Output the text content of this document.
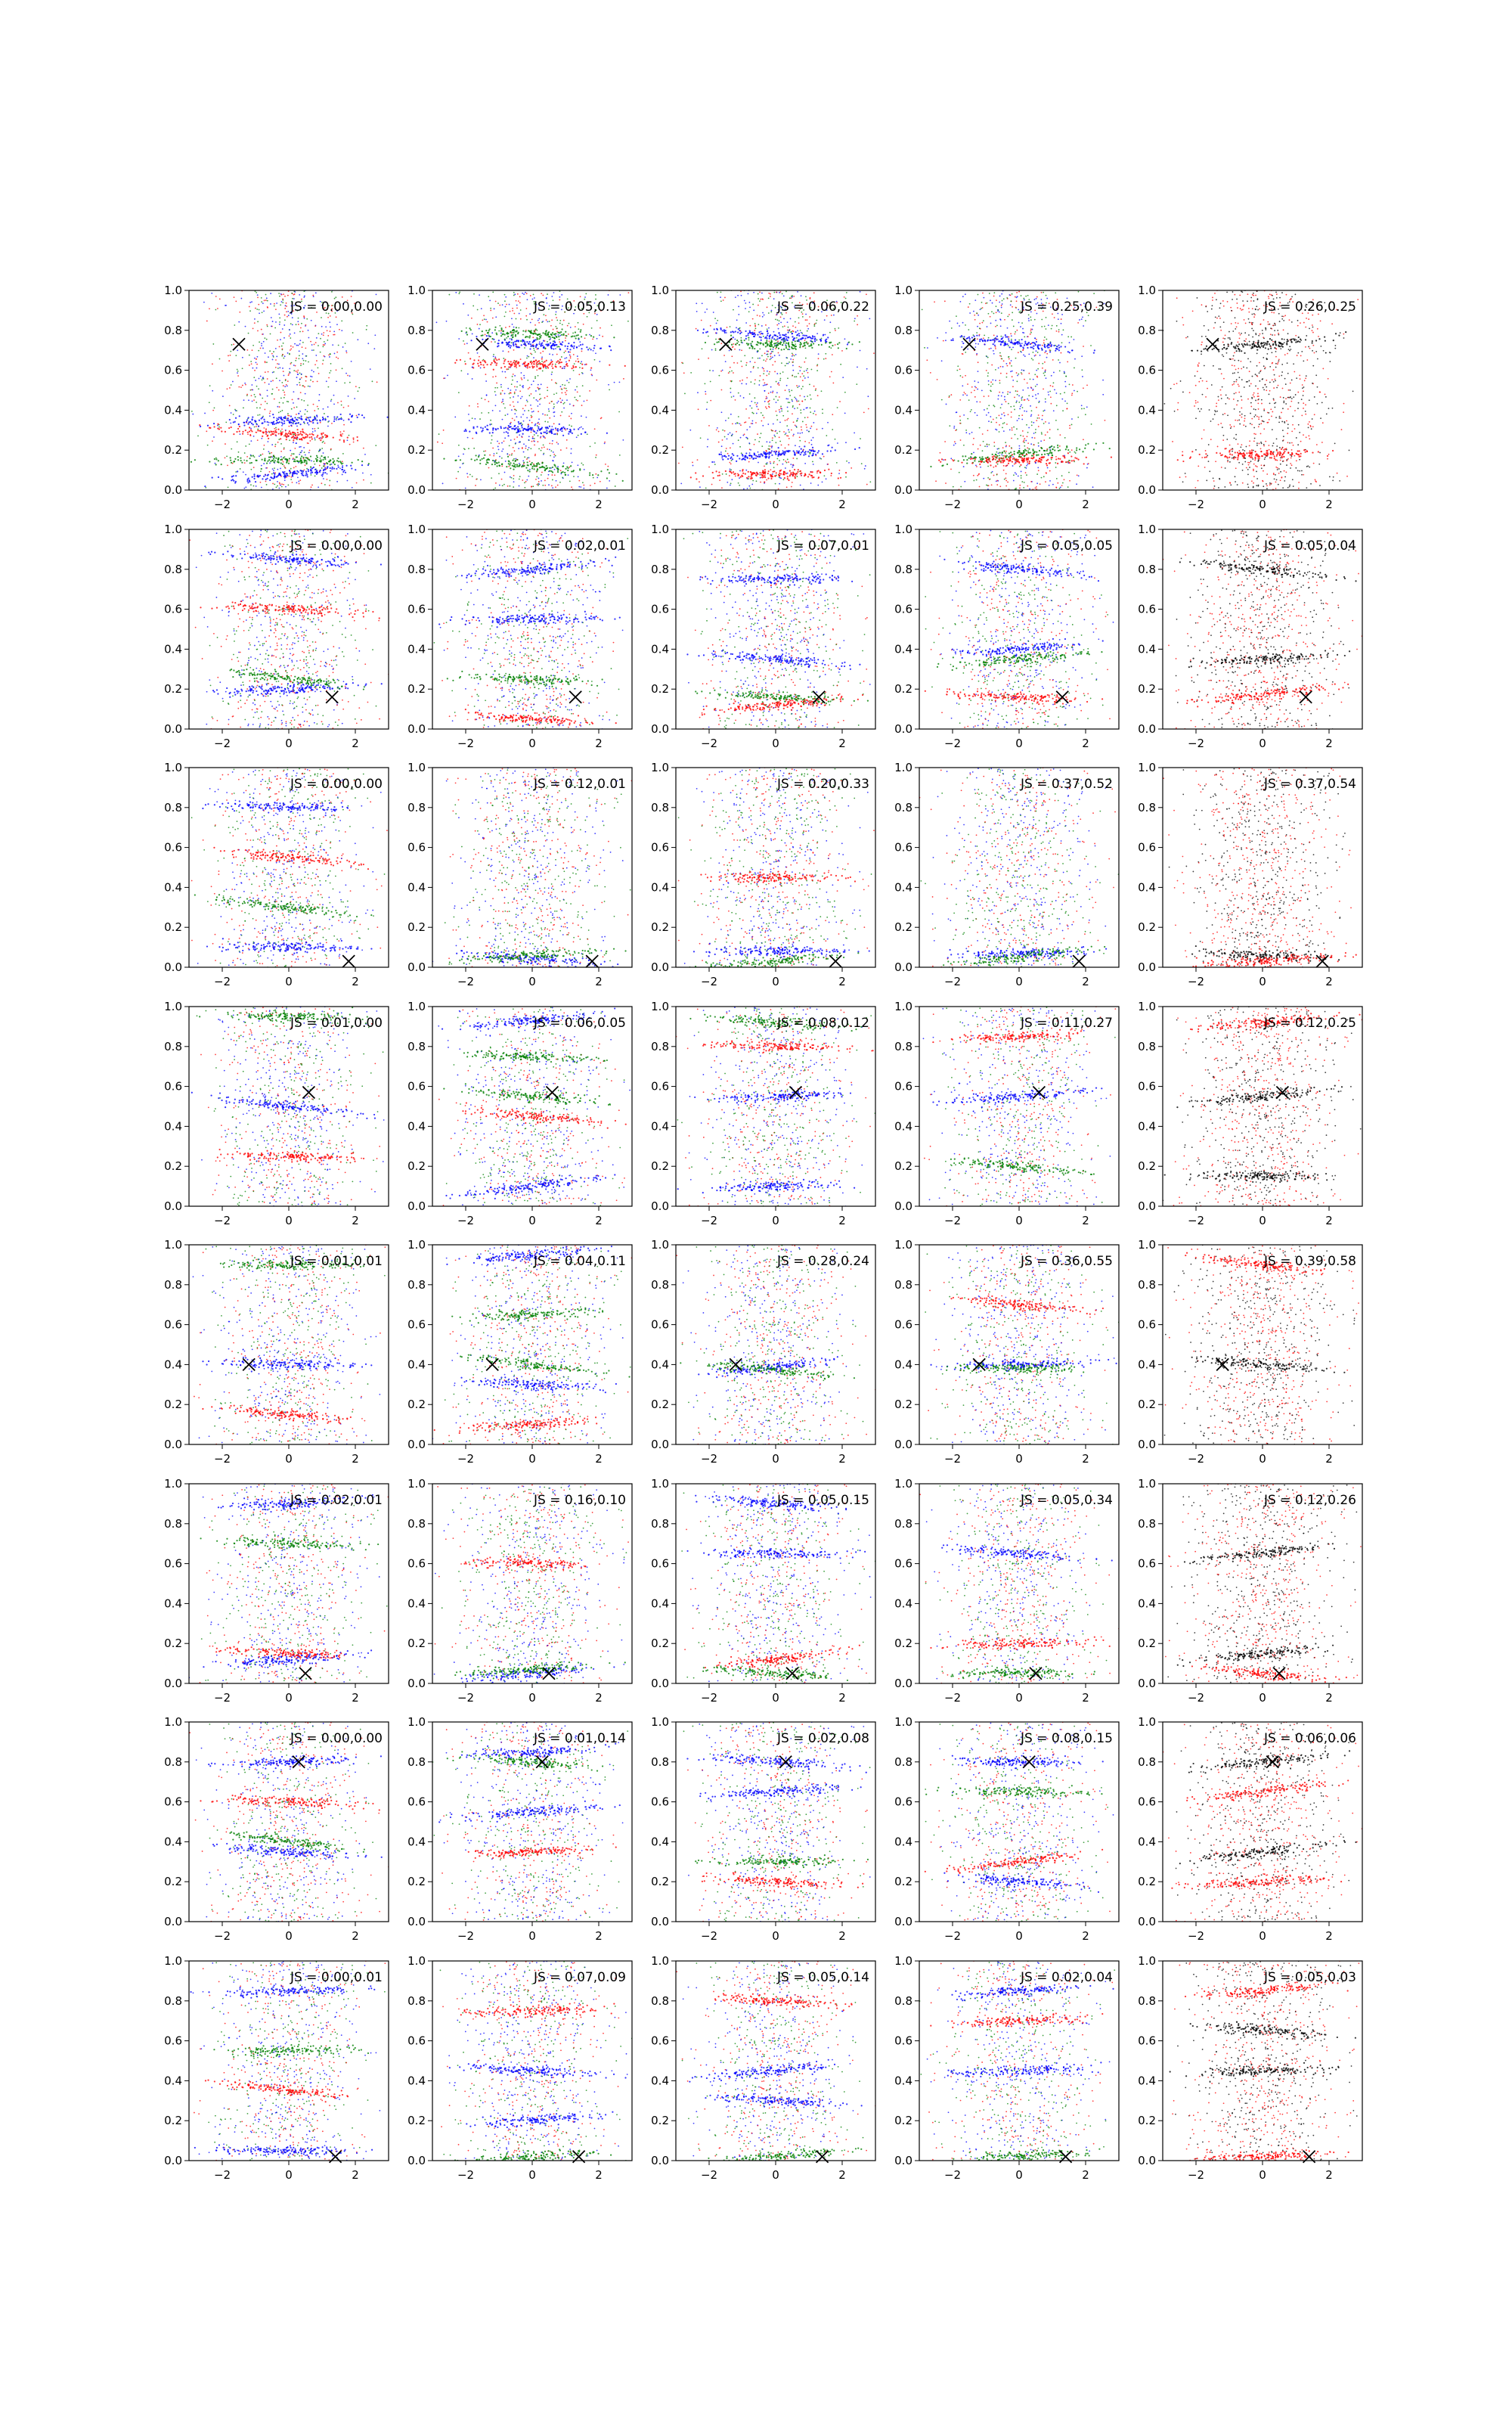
−2	0	2
0.0
0.2
0.4
0.6
0.8
1.0
JS = 0.00,0.00
−2	0	2
0.0
0.2
0.4
0.6
0.8
1.0
JS = 0.05,0.13
−2	0	2
0.0
0.2
0.4
0.6
0.8
1.0
JS = 0.06,0.22
−2	0	2
0.0
0.2
0.4
0.6
0.8
1.0
JS = 0.25,0.39
−2	0	2
0.0
0.2
0.4
0.6
0.8
1.0
JS = 0.26,0.25
−2	0	2
0.0
0.2
0.4
0.6
0.8
1.0
JS = 0.00,0.00
−2	0	2
0.0
0.2
0.4
0.6
0.8
1.0
JS = 0.02,0.01
−2	0	2
0.0
0.2
0.4
0.6
0.8
1.0
JS = 0.07,0.01
−2	0	2
0.0
0.2
0.4
0.6
0.8
1.0
JS = 0.05,0.05
−2	0	2
0.0
0.2
0.4
0.6
0.8
1.0
JS = 0.05,0.04
−2	0	2
0.0
0.2
0.4
0.6
0.8
1.0
JS = 0.00,0.00
−2	0	2
0.0
0.2
0.4
0.6
0.8
1.0
JS = 0.12,0.01
−2	0	2
0.0
0.2
0.4
0.6
0.8
1.0
JS = 0.20,0.33
−2	0	2
0.0
0.2
0.4
0.6
0.8
1.0
JS = 0.37,0.52
−2	0	2
0.0
0.2
0.4
0.6
0.8
1.0
JS = 0.37,0.54
−2	0	2
0.0
0.2
0.4
0.6
0.8
1.0
JS = 0.01,0.00
−2	0	2
0.0
0.2
0.4
0.6
0.8
1.0
JS = 0.06,0.05
−2	0	2
0.0
0.2
0.4
0.6
0.8
1.0
JS = 0.08,0.12
−2	0	2
0.0
0.2
0.4
0.6
0.8
1.0
JS = 0.11,0.27
−2	0	2
0.0
0.2
0.4
0.6
0.8
1.0
JS = 0.12,0.25
−2	0	2
0.0
0.2
0.4
0.6
0.8
1.0
JS = 0.01,0.01
−2	0	2
0.0
0.2
0.4
0.6
0.8
1.0
JS = 0.04,0.11
−2	0	2
0.0
0.2
0.4
0.6
0.8
1.0
JS = 0.28,0.24
−2	0	2
0.0
0.2
0.4
0.6
0.8
1.0
JS = 0.36,0.55
−2	0	2
0.0
0.2
0.4
0.6
0.8
1.0
JS = 0.39,0.58
−2	0	2
0.0
0.2
0.4
0.6
0.8
1.0
JS = 0.02,0.01
−2	0	2
0.0
0.2
0.4
0.6
0.8
1.0
JS = 0.16,0.10
−2	0	2
0.0
0.2
0.4
0.6
0.8
1.0
JS = 0.05,0.15
−2	0	2
0.0
0.2
0.4
0.6
0.8
1.0
JS = 0.05,0.34
−2	0	2
0.0
0.2
0.4
0.6
0.8
1.0
JS = 0.12,0.26
−2	0	2
0.0
0.2
0.4
0.6
0.8
1.0
JS = 0.00,0.00
−2	0	2
0.0
0.2
0.4
0.6
0.8
1.0
JS = 0.01,0.14
−2	0	2
0.0
0.2
0.4
0.6
0.8
1.0
JS = 0.02,0.08
−2	0	2
0.0
0.2
0.4
0.6
0.8
1.0
JS = 0.08,0.15
−2	0	2
0.0
0.2
0.4
0.6
0.8
1.0
JS = 0.06,0.06
−2	0	2
0.0
0.2
0.4
0.6
0.8
1.0
JS = 0.00,0.01
−2	0	2
0.0
0.2
0.4
0.6
0.8
1.0
JS = 0.07,0.09
−2	0	2
0.0
0.2
0.4
0.6
0.8
1.0
JS = 0.05,0.14
−2	0	2
0.0
0.2
0.4
0.6
0.8
1.0
JS = 0.02,0.04
−2	0	2
0.0
0.2
0.4
0.6
0.8
1.0
JS = 0.05,0.03
